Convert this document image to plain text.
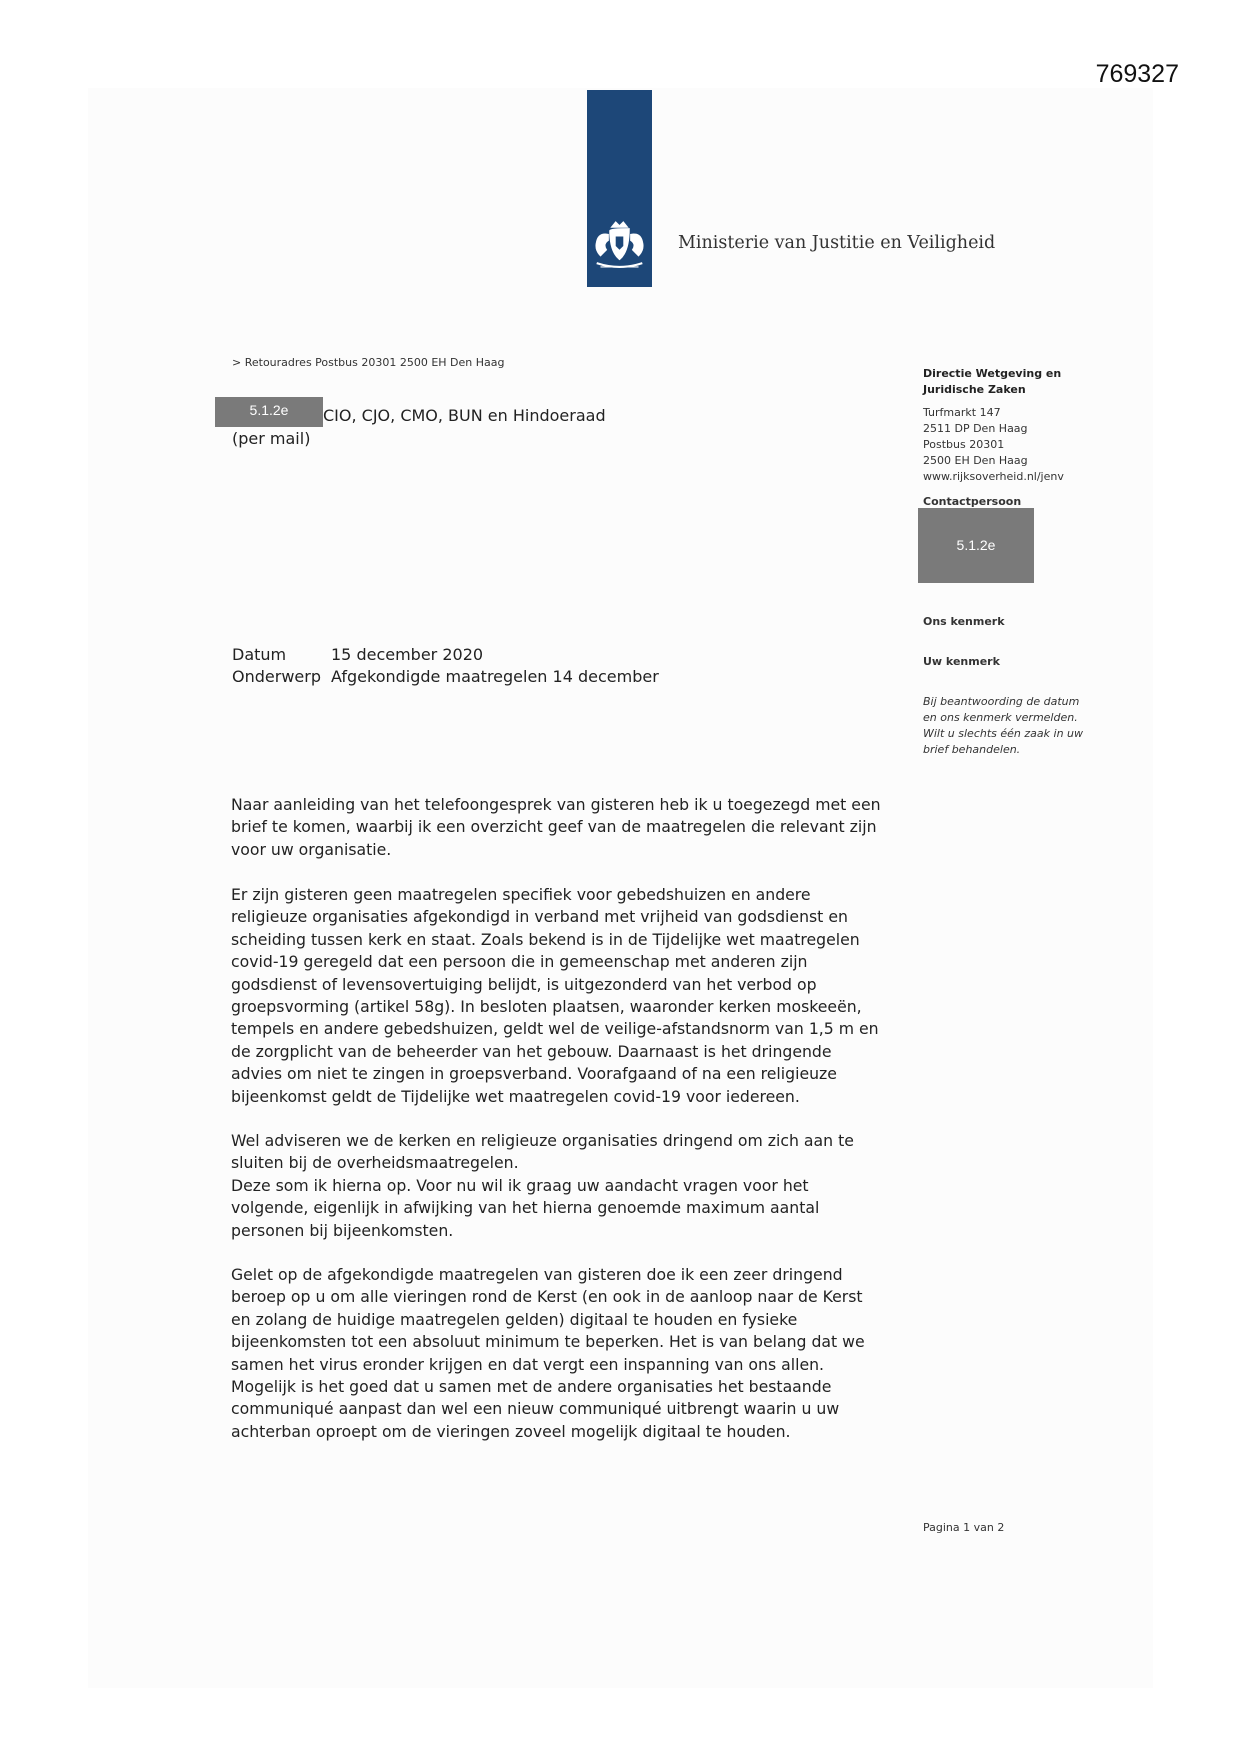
769327
Ministerie van Justitie en Veiligheid
> Retouradres Postbus 20301 2500 EH Den Haag
5.1.2e	CIO, CJO, CMO, BUN en Hindoeraad
(per mail)
Directie Wetgeving en
Juridische Zaken
Turfmarkt 147
2511 DP Den Haag
Postbus 20301
2500 EH Den Haag
www.rijksoverheid.nl/jenv
Contactpersoon
5.1.2e
Ons kenmerk
Uw kenmerk
Bij beantwoording de datum
en ons kenmerk vermelden.
Wilt u slechts één zaak in uw
brief behandelen.
Datum	15 december 2020
Onderwerp Afgekondigde maatregelen 14 december
Naar aanleiding van het telefoongesprek van gisteren heb ik u toegezegd met een
brief te komen, waarbij ik een overzicht geef van de maatregelen die relevant zijn
voor uw organisatie.
Er zijn gisteren geen maatregelen specifiek voor gebedshuizen en andere
religieuze organisaties afgekondigd in verband met vrijheid van godsdienst en
scheiding tussen kerk en staat. Zoals bekend is in de Tijdelijke wet maatregelen
covid-19 geregeld dat een persoon die in gemeenschap met anderen zijn
godsdienst of levensovertuiging belijdt, is uitgezonderd van het verbod op
groepsvorming (artikel 58g). In besloten plaatsen, waaronder kerken moskeeën,
tempels en andere gebedshuizen, geldt wel de veilige-afstandsnorm van 1,5 m en
de zorgplicht van de beheerder van het gebouw. Daarnaast is het dringende
advies om niet te zingen in groepsverband. Voorafgaand of na een religieuze
bijeenkomst geldt de Tijdelijke wet maatregelen covid-19 voor iedereen.
Wel adviseren we de kerken en religieuze organisaties dringend om zich aan te
sluiten bij de overheidsmaatregelen.
Deze som ik hierna op. Voor nu wil ik graag uw aandacht vragen voor het
volgende, eigenlijk in afwijking van het hierna genoemde maximum aantal
personen bij bijeenkomsten.
Gelet op de afgekondigde maatregelen van gisteren doe ik een zeer dringend
beroep op u om alle vieringen rond de Kerst (en ook in de aanloop naar de Kerst
en zolang de huidige maatregelen gelden) digitaal te houden en fysieke
bijeenkomsten tot een absoluut minimum te beperken. Het is van belang dat we
samen het virus eronder krijgen en dat vergt een inspanning van ons allen.
Mogelijk is het goed dat u samen met de andere organisaties het bestaande
communiqué aanpast dan wel een nieuw communiqué uitbrengt waarin u uw
achterban oproept om de vieringen zoveel mogelijk digitaal te houden.
Pagina 1 van 2
